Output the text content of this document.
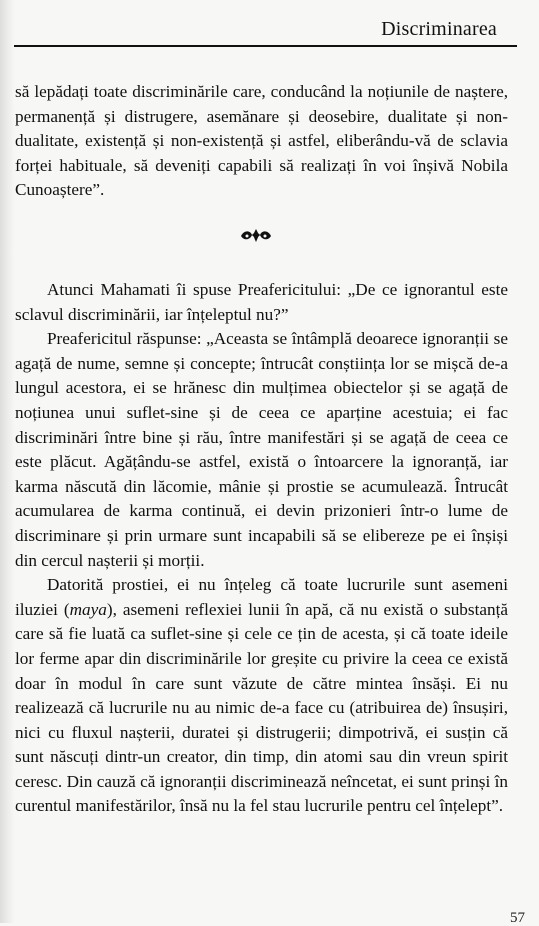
Discriminarea

să lepădați toate discriminările care, conducând la noțiunile de naștere, permanență și distrugere, asemănare și deosebire, dualitate și non-dualitate, existență și non-existență și astfel, eliberându-vă de sclavia forței habituale, să deveniți capabili să realizați în voi înșivă Nobila Cunoaștere”.

Atunci Mahamati îi spuse Preafericitului: „De ce ignorantul este sclavul discriminării, iar înțeleptul nu?”

Preafericitul răspunse: „Aceasta se întâmplă deoarece ignoranții se agață de nume, semne și concepte; întrucât conștiința lor se mișcă de-a lungul acestora, ei se hrănesc din mulțimea obiectelor și se agață de noțiunea unui suflet-sine și de ceea ce aparține acestuia; ei fac discriminări între bine și rău, între manifestări și se agață de ceea ce este plăcut. Agățându-se astfel, există o întoarcere la ignoranță, iar karma născută din lăcomie, mânie și prostie se acumulează. Întrucât acumularea de karma continuă, ei devin prizonieri într-o lume de discriminare și prin urmare sunt incapabili să se elibereze pe ei înșiși din cercul nașterii și morții.

Datorită prostiei, ei nu înțeleg că toate lucrurile sunt asemeni iluziei (maya), asemeni reflexiei lunii în apă, că nu există o substanță care să fie luată ca suflet-sine și cele ce țin de acesta, și că toate ideile lor ferme apar din discriminările lor greșite cu privire la ceea ce există doar în modul în care sunt văzute de către mintea însăși. Ei nu realizează că lucrurile nu au nimic de-a face cu (atribuirea de) însușiri, nici cu fluxul nașterii, duratei și distrugerii; dimpotrivă, ei susțin că sunt născuți dintr-un creator, din timp, din atomi sau din vreun spirit ceresc. Din cauză că ignoranții discriminează neîncetat, ei sunt prinși în curentul manifestărilor, însă nu la fel stau lucrurile pentru cel înțelept”.

57
